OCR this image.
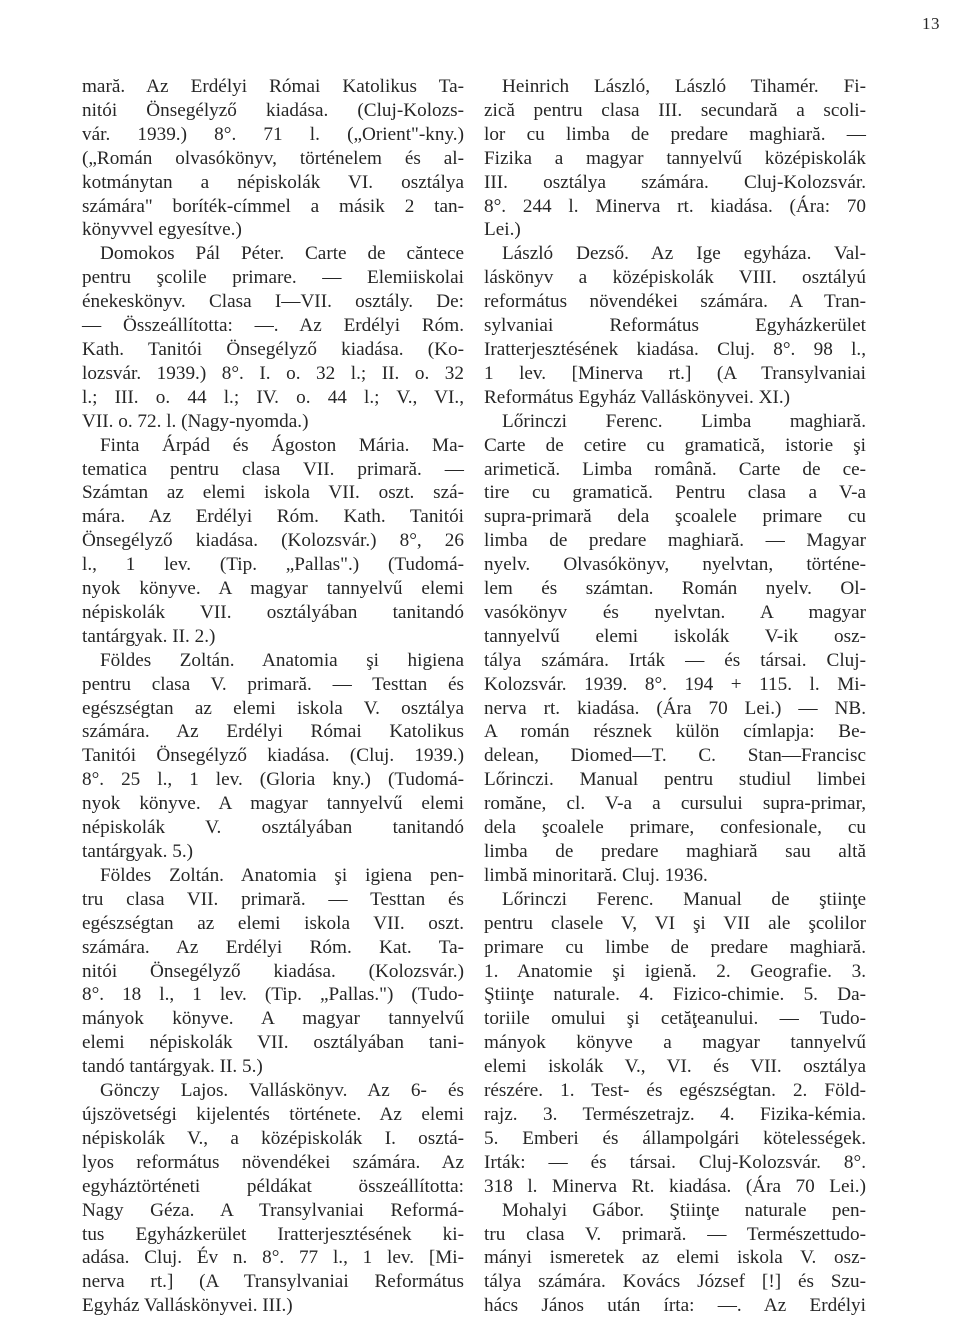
13
mară. Az Erdélyi Római Katolikus Ta-
nitói Önsegélyző kiadása. (Cluj-Kolozs-
vár. 1939.) 8°. 71 l. („Orient"-kny.)
(„Román olvasókönyv, történelem és al-
kotmánytan a népiskolák VI. osztálya
számára" boríték-címmel a másik 2 tan-
könyvvel egyesítve.)
Domokos Pál Péter. Carte de căntece
pentru şcolile primare. — Elemiiskolai
énekeskönyv. Clasa I—VII. osztály. De:
— Összeállította: —. Az Erdélyi Róm.
Kath. Tanitói Önsegélyző kiadása. (Ko-
lozsvár. 1939.) 8°. I. o. 32 l.; II. o. 32
l.; III. o. 44 l.; IV. o. 44 l.; V., VI.,
VII. o. 72. l. (Nagy-nyomda.)
Finta Árpád és Ágoston Mária. Ma-
tematica pentru clasa VII. primară. —
Számtan az elemi iskola VII. oszt. szá-
mára. Az Erdélyi Róm. Kath. Tanitói
Önsegélyző kiadása. (Kolozsvár.) 8°, 26
l., 1 lev. (Tip. „Pallas".) (Tudomá-
nyok könyve. A magyar tannyelvű elemi
népiskolák VII. osztályában tanitandó
tantárgyak. II. 2.)
Földes Zoltán. Anatomia şi higiena
pentru clasa V. primară. — Testtan és
egészségtan az elemi iskola V. osztálya
számára. Az Erdélyi Római Katolikus
Tanitói Önsegélyző kiadása. (Cluj. 1939.)
8°. 25 l., 1 lev. (Gloria kny.) (Tudomá-
nyok könyve. A magyar tannyelvű elemi
népiskolák V. osztályában tanitandó
tantárgyak. 5.)
Földes Zoltán. Anatomia şi igiena pen-
tru clasa VII. primară. — Testtan és
egészségtan az elemi iskola VII. oszt.
számára. Az Erdélyi Róm. Kat. Ta-
nitói Önsegélyző kiadása. (Kolozsvár.)
8°. 18 l., 1 lev. (Tip. „Pallas.") (Tudo-
mányok könyve. A magyar tannyelvű
elemi népiskolák VII. osztályában tani-
tandó tantárgyak. II. 5.)
Gönczy Lajos. Valláskönyv. Az 6- és
újszövetségi kijelentés története. Az elemi
népiskolák V., a középiskolák I. osztá-
lyos református növendékei számára. Az
egyháztörténeti példákat összeállította:
Nagy Géza. A Transylvaniai Reformá-
tus Egyházkerület Iratterjesztésének ki-
adása. Cluj. Év n. 8°. 77 l., 1 lev. [Mi-
nerva rt.] (A Transylvaniai Református
Egyház Valláskönyvei. III.)
Heinrich László, László Tihamér. Fi-
zică pentru clasa III. secundară a scoli-
lor cu limba de predare maghiară. —
Fizika a magyar tannyelvű középiskolák
III. osztálya számára. Cluj-Kolozsvár.
8°. 244 l. Minerva rt. kiadása. (Ára: 70
Lei.)
László Dezső. Az Ige egyháza. Val-
láskönyv a középiskolák VIII. osztályú
református növendékei számára. A Tran-
sylvaniai Református Egyházkerület
Iratterjesztésének kiadása. Cluj. 8°. 98 l.,
1 lev. [Minerva rt.] (A Transylvaniai
Református Egyház Valláskönyvei. XI.)
Lőrinczi Ferenc. Limba maghiară.
Carte de cetire cu gramatică, istorie şi
arimetică. Limba română. Carte de ce-
tire cu gramatică. Pentru clasa a V-a
supra-primară dela şcoalele primare cu
limba de predare maghiară. — Magyar
nyelv. Olvasókönyv, nyelvtan, történe-
lem és számtan. Román nyelv. Ol-
vasókönyv és nyelvtan. A magyar
tannyelvű elemi iskolák V-ik osz-
tálya számára. Irták — és társai. Cluj-
Kolozsvár. 1939. 8°. 194 + 115. l. Mi-
nerva rt. kiadása. (Ára 70 Lei.) — NB.
A román résznek külön címlapja: Be-
delean, Diomed—T. C. Stan—Francisc
Lőrinczi. Manual pentru studiul limbei
romăne, cl. V-a a cursului supra-primar,
dela şcoalele primare, confesionale, cu
limba de predare maghiară sau altă
limbă minoritară. Cluj. 1936.
Lőrinczi Ferenc. Manual de ştiinţe
pentru clasele V, VI şi VII ale şcolilor
primare cu limbe de predare maghiară.
1. Anatomie şi igienă. 2. Geografie. 3.
Ştiinţe naturale. 4. Fizico-chimie. 5. Da-
toriile omului şi cetăţeanului. — Tudo-
mányok könyve a magyar tannyelvű
elemi iskolák V., VI. és VII. osztálya
részére. 1. Test- és egészségtan. 2. Föld-
rajz. 3. Természetrajz. 4. Fizika-kémia.
5. Emberi és állampolgári kötelességek.
Irták: — és társai. Cluj-Kolozsvár. 8°.
318 l. Minerva Rt. kiadása. (Ára 70 Lei.)
Mohalyi Gábor. Ştiinţe naturale pen-
tru clasa V. primară. — Természettudo-
mányi ismeretek az elemi iskola V. osz-
tálya számára. Kovács József [!] és Szu-
hács János után írta: —. Az Erdélyi
